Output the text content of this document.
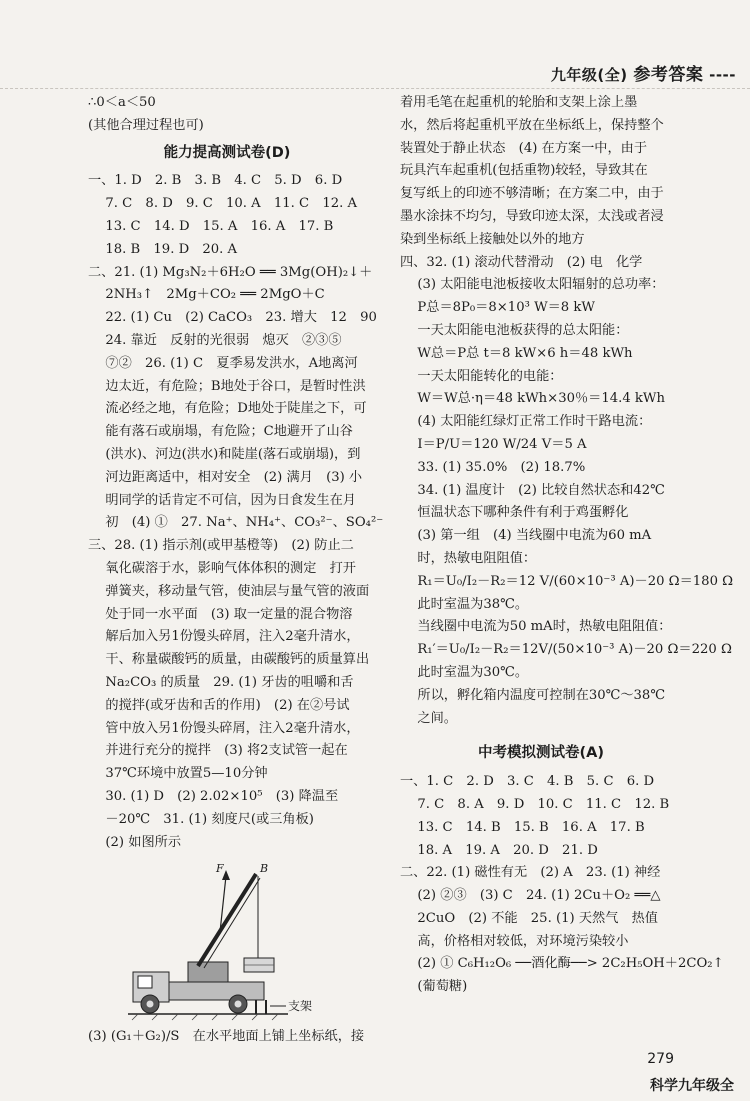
九年级(全) 参考答案 ----
∴0＜a＜50
(其他合理过程也可)
能力提高测试卷(D)
一、1. D　2. B　3. B　4. C　5. D　6. D
　 7. C　8. D　9. C　10. A　11. C　12. A
　 13. C　14. D　15. A　16. A　17. B
　 18. B　19. D　20. A
二、21. (1) Mg₃N₂＋6H₂O ══ 3Mg(OH)₂↓＋
　 2NH₃↑　2Mg＋CO₂ ══ 2MgO＋C
　 22. (1) Cu　(2) CaCO₃　23. 增大　12　90
　 24. 靠近　反射的光很弱　熄灭　②③⑤
　 ⑦②　26. (1) C　夏季易发洪水，A地离河
　 边太近，有危险；B地处于谷口，是暂时性洪
　 流必经之地，有危险；D地处于陡崖之下，可
　 能有落石或崩塌，有危险；C地避开了山谷
　 (洪水)、河边(洪水)和陡崖(落石或崩塌)，到
　 河边距离适中，相对安全　(2) 满月　(3) 小
　 明同学的话肯定不可信，因为日食发生在月
　 初　(4) ①　27. Na⁺、NH₄⁺、CO₃²⁻、SO₄²⁻
三、28. (1) 指示剂(或甲基橙等)　(2) 防止二
　 氧化碳溶于水，影响气体体积的测定　打开
　 弹簧夹，移动量气管，使油层与量气管的液面
　 处于同一水平面　(3) 取一定量的混合物溶
　 解后加入另1份馒头碎屑，注入2毫升清水，
　 干、称量碳酸钙的质量，由碳酸钙的质量算出
　 Na₂CO₃ 的质量　29. (1) 牙齿的咀嚼和舌
　 的搅拌(或牙齿和舌的作用)　(2) 在②号试
　 管中放入另1份馒头碎屑，注入2毫升清水，
　 并进行充分的搅拌　(3) 将2支试管一起在
　 37℃环境中放置5—10分钟
　 30. (1) D　(2) 2.02×10⁵　(3) 降温至
　 －20℃　31. (1) 刻度尺(或三角板)
　 (2) 如图所示
F	B
支架
(3) (G₁＋G₂)/S　在水平地面上铺上坐标纸，接
着用毛笔在起重机的轮胎和支架上涂上墨
水，然后将起重机平放在坐标纸上，保持整个
装置处于静止状态　(4) 在方案一中，由于
玩具汽车起重机(包括重物)较轻，导致其在
复写纸上的印迹不够清晰；在方案二中，由于
墨水涂抹不均匀，导致印迹太深，太浅或者浸
染到坐标纸上接触处以外的地方
四、32. (1) 滚动代替滑动　(2) 电　化学
　 (3) 太阳能电池板接收太阳辐射的总功率：
　 P总＝8P₀＝8×10³ W＝8 kW
　 一天太阳能电池板获得的总太阳能：
　 W总＝P总 t＝8 kW×6 h＝48 kWh
　 一天太阳能转化的电能：
　 W＝W总·η＝48 kWh×30％＝14.4 kWh
　 (4) 太阳能红绿灯正常工作时干路电流：
　 I＝P/U＝120 W/24 V＝5 A
　 33. (1) 35.0%　(2) 18.7%
　 34. (1) 温度计　(2) 比较自然状态和42℃
　 恒温状态下哪种条件有利于鸡蛋孵化
　 (3) 第一组　(4) 当线圈中电流为60 mA
　 时，热敏电阻阻值：
　 R₁＝U₀/I₂－R₂＝12 V/(60×10⁻³ A)－20 Ω＝180 Ω
　 此时室温为38℃。
　 当线圈中电流为50 mA时，热敏电阻阻值：
　 R₁′＝U₀/I₂－R₂＝12V/(50×10⁻³ A)－20 Ω＝220 Ω
　 此时室温为30℃。
　 所以，孵化箱内温度可控制在30℃～38℃
　 之间。
中考模拟测试卷(A)
一、1. C　2. D　3. C　4. B　5. C　6. D
　 7. C　8. A　9. D　10. C　11. C　12. B
　 13. C　14. B　15. B　16. A　17. B
　 18. A　19. A　20. D　21. D
二、22. (1) 磁性有无　(2) A　23. (1) 神经
　 (2) ②③　(3) C　24. (1) 2Cu＋O₂ ══△
　 2CuO　(2) 不能　25. (1) 天然气　热值
　 高，价格相对较低，对环境污染较小
　 (2) ① C₆H₁₂O₆ ──酒化酶──> 2C₂H₅OH＋2CO₂↑
　 (葡萄糖)
279
科学九年级全
